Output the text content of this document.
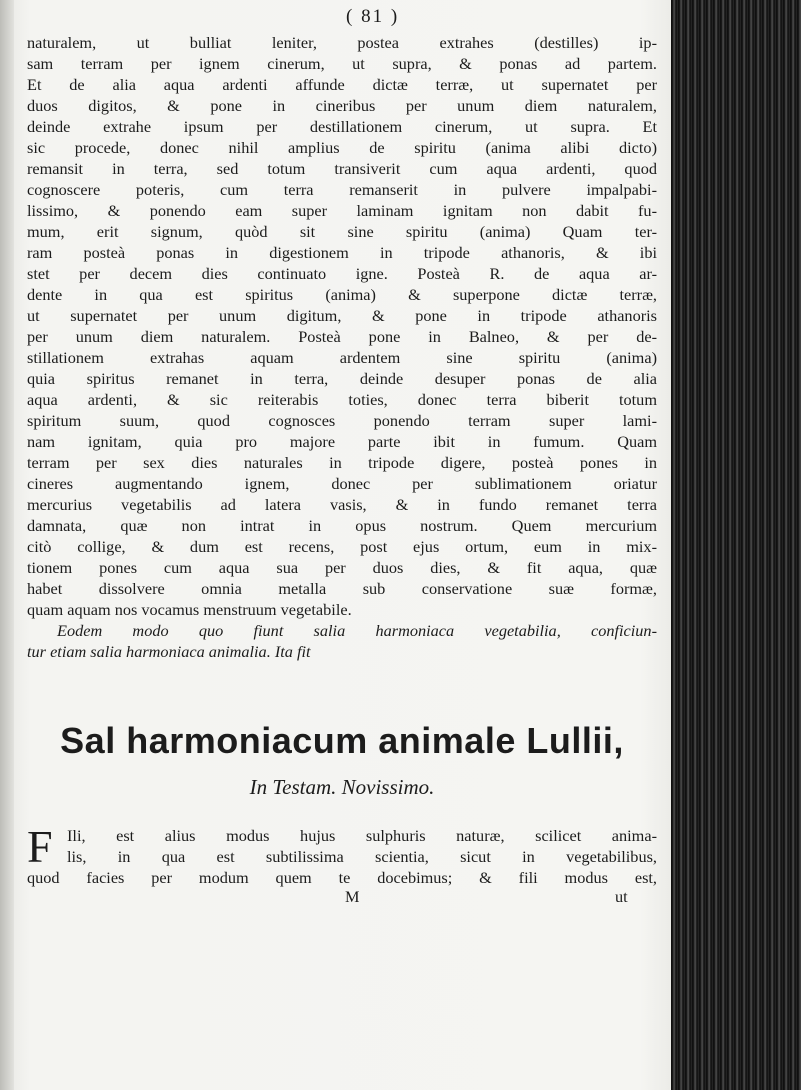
( 81 )
naturalem, ut bulliat leniter, postea extrahes (destilles) ip-
sam terram per ignem cinerum, ut supra, & ponas ad partem.
Et de alia aqua ardenti affunde dictæ terræ, ut supernatet per
duos digitos, & pone in cineribus per unum diem naturalem,
deinde extrahe ipsum per destillationem cinerum, ut supra. Et
sic procede, donec nihil amplius de spiritu (anima alibi dicto)
remansit in terra, sed totum transiverit cum aqua ardenti, quod
cognoscere poteris, cum terra remanserit in pulvere impalpabi-
lissimo, & ponendo eam super laminam ignitam non dabit fu-
mum, erit signum, quòd sit sine spiritu (anima) Quam ter-
ram posteà ponas in digestionem in tripode athanoris, & ibi
stet per decem dies continuato igne. Posteà R. de aqua ar-
dente in qua est spiritus (anima) & superpone dictæ terræ,
ut supernatet per unum digitum, & pone in tripode athanoris
per unum diem naturalem. Posteà pone in Balneo, & per de-
stillationem extrahas aquam ardentem sine spiritu (anima)
quia spiritus remanet in terra, deinde desuper ponas de alia
aqua ardenti, & sic reiterabis toties, donec terra biberit totum
spiritum suum, quod cognosces ponendo terram super lami-
nam ignitam, quia pro majore parte ibit in fumum. Quam
terram per sex dies naturales in tripode digere, posteà pones in
cineres augmentando ignem, donec per sublimationem oriatur
mercurius vegetabilis ad latera vasis, & in fundo remanet terra
damnata, quæ non intrat in opus nostrum. Quem mercurium
citò collige, & dum est recens, post ejus ortum, eum in mix-
tionem pones cum aqua sua per duos dies, & fit aqua, quæ
habet dissolvere omnia metalla sub conservatione suæ formæ,
quam aquam nos vocamus menstruum vegetabile.
Eodem modo quo fiunt salia harmoniaca vegetabilia, conficiun-
tur etiam salia harmoniaca animalia. Ita fit
Sal harmoniacum animale Lullii,
In Testam. Novissimo.
F Ili, est alius modus hujus sulphuris naturæ, scilicet anima-
lis, in qua est subtilissima scientia, sicut in vegetabilibus,
quod facies per modum quem te docebimus; & fili modus est,
M	ut
